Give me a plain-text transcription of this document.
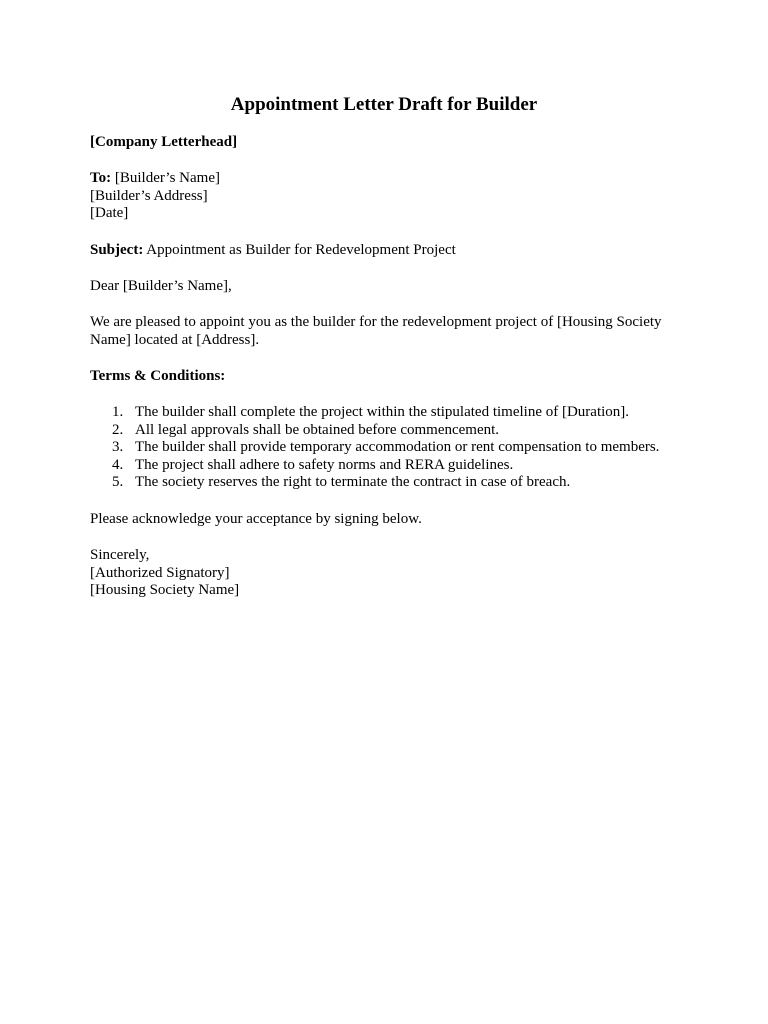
Appointment Letter Draft for Builder
[Company Letterhead]
To: [Builder’s Name]
[Builder’s Address]
[Date]
Subject: Appointment as Builder for Redevelopment Project
Dear [Builder’s Name],
We are pleased to appoint you as the builder for the redevelopment project of [Housing Society Name] located at [Address].
Terms & Conditions:
1. The builder shall complete the project within the stipulated timeline of [Duration].
2. All legal approvals shall be obtained before commencement.
3. The builder shall provide temporary accommodation or rent compensation to members.
4. The project shall adhere to safety norms and RERA guidelines.
5. The society reserves the right to terminate the contract in case of breach.
Please acknowledge your acceptance by signing below.
Sincerely,
[Authorized Signatory]
[Housing Society Name]
